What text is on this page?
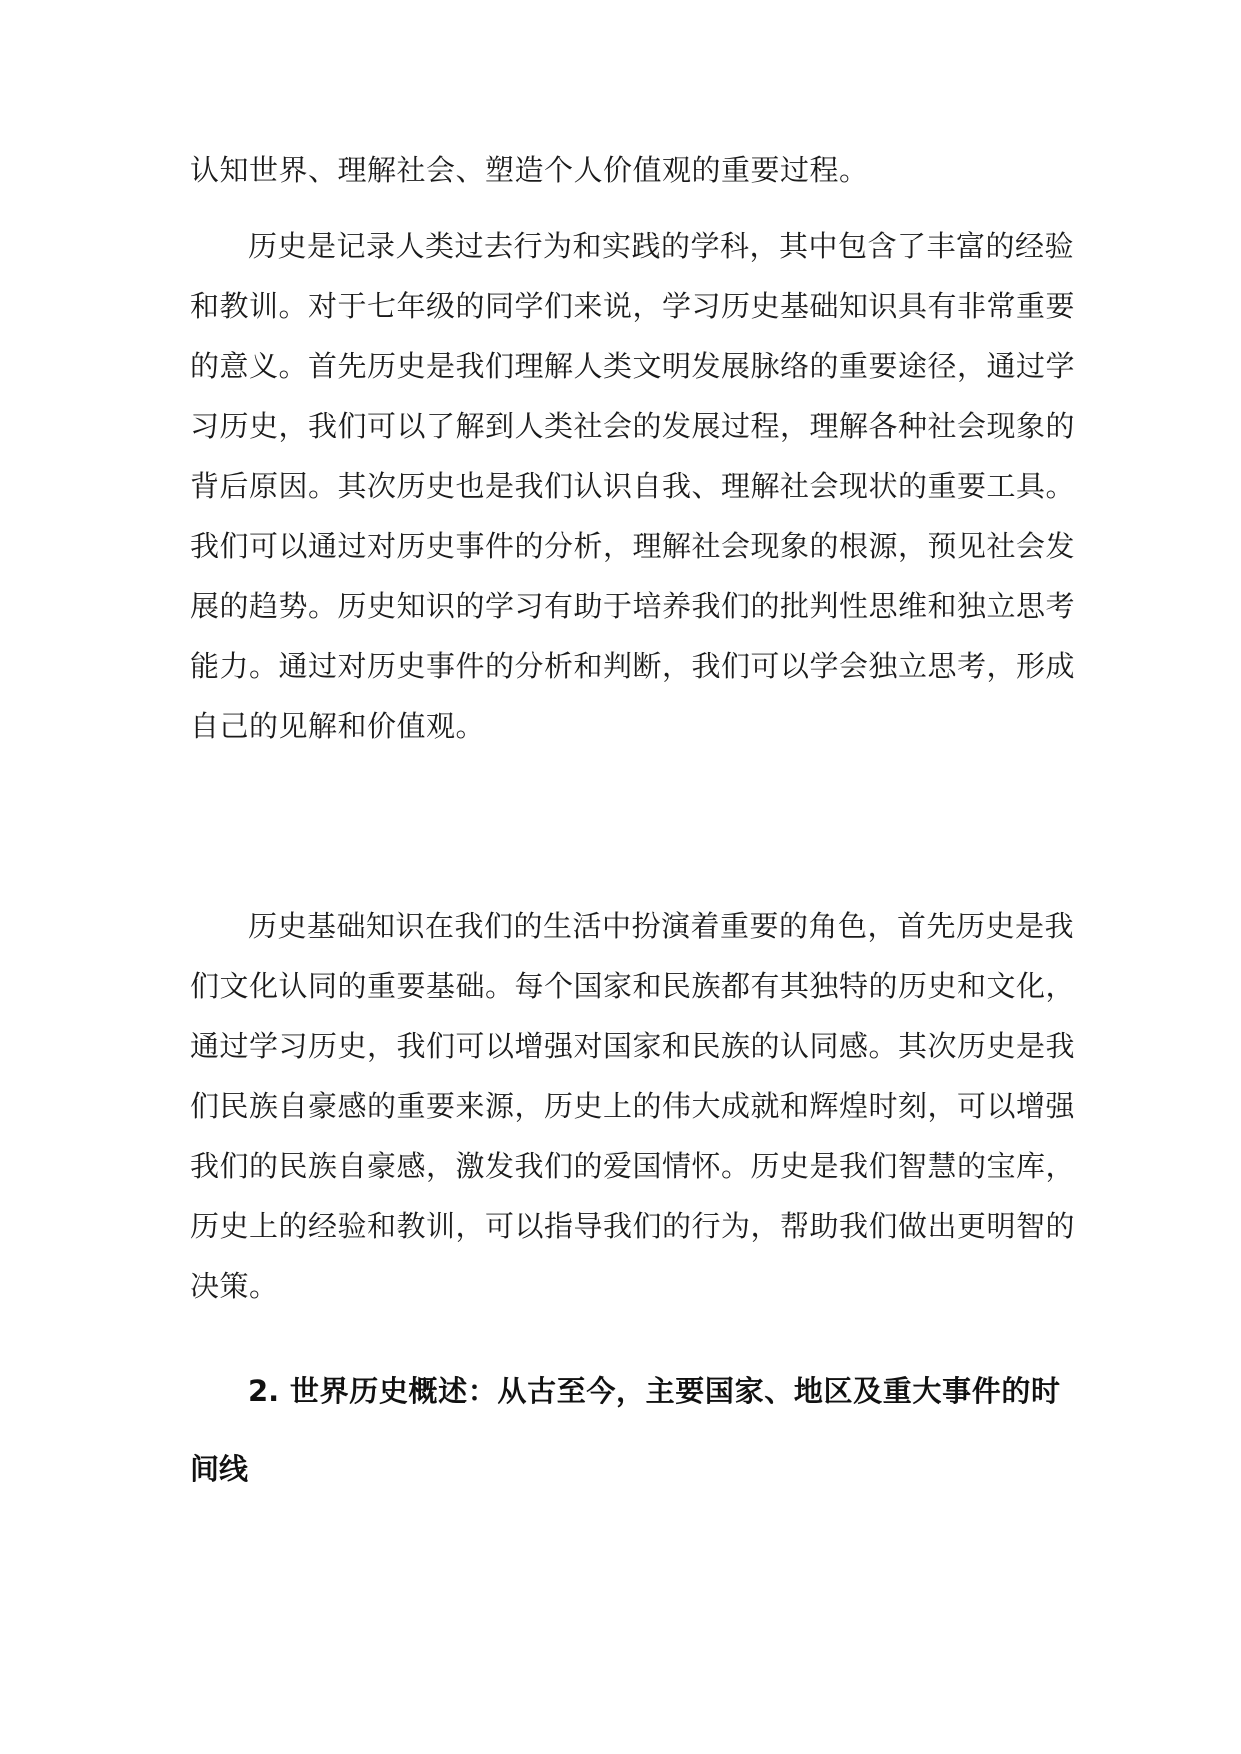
认知世界、理解社会、塑造个人价值观的重要过程。
历史是记录人类过去行为和实践的学科，其中包含了丰富的经验
和教训。对于七年级的同学们来说，学习历史基础知识具有非常重要
的意义。首先历史是我们理解人类文明发展脉络的重要途径，通过学
习历史，我们可以了解到人类社会的发展过程，理解各种社会现象的
背后原因。其次历史也是我们认识自我、理解社会现状的重要工具。
我们可以通过对历史事件的分析，理解社会现象的根源，预见社会发
展的趋势。历史知识的学习有助于培养我们的批判性思维和独立思考
能力。通过对历史事件的分析和判断，我们可以学会独立思考，形成
自己的见解和价值观。
历史基础知识在我们的生活中扮演着重要的角色，首先历史是我
们文化认同的重要基础。每个国家和民族都有其独特的历史和文化，
通过学习历史，我们可以增强对国家和民族的认同感。其次历史是我
们民族自豪感的重要来源，历史上的伟大成就和辉煌时刻，可以增强
我们的民族自豪感，激发我们的爱国情怀。历史是我们智慧的宝库，
历史上的经验和教训，可以指导我们的行为，帮助我们做出更明智的
决策。
2. 世界历史概述：从古至今，主要国家、地区及重大事件的时
间线
